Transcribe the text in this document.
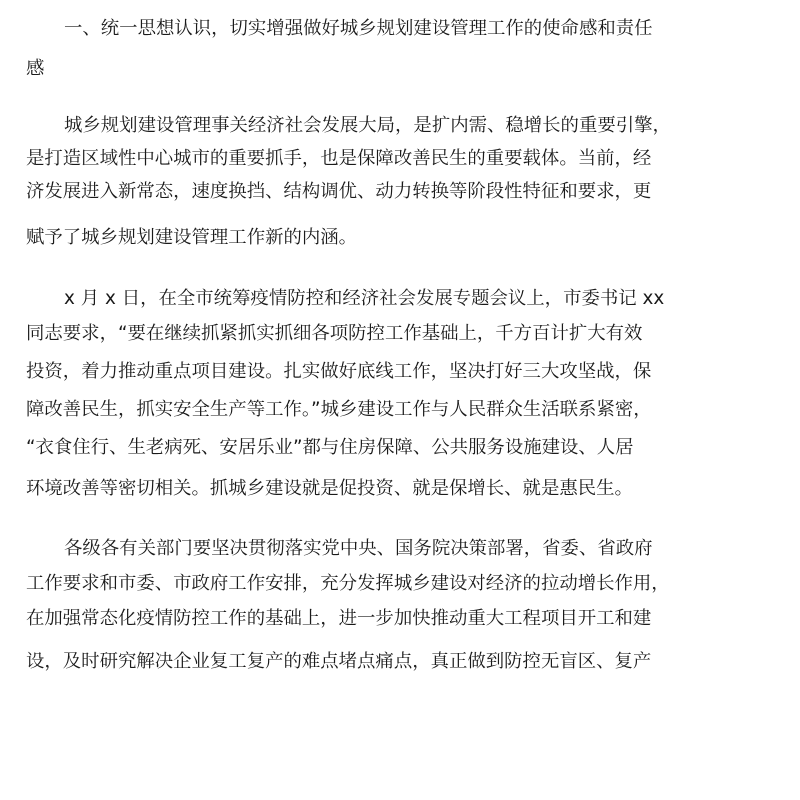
一、统一思想认识，切实增强做好城乡规划建设管理工作的使命感和责任

感

城乡规划建设管理事关经济社会发展大局，是扩内需、稳增长的重要引擎，

是打造区域性中心城市的重要抓手，也是保障改善民生的重要载体。当前，经

济发展进入新常态，速度换挡、结构调优、动力转换等阶段性特征和要求，更

赋予了城乡规划建设管理工作新的内涵。

x 月 x 日，在全市统筹疫情防控和经济社会发展专题会议上，市委书记 xx

同志要求，“要在继续抓紧抓实抓细各项防控工作基础上，千方百计扩大有效

投资，着力推动重点项目建设。扎实做好底线工作，坚决打好三大攻坚战，保

障改善民生，抓实安全生产等工作。”城乡建设工作与人民群众生活联系紧密，

“衣食住行、生老病死、安居乐业”都与住房保障、公共服务设施建设、人居

环境改善等密切相关。抓城乡建设就是促投资、就是保增长、就是惠民生。

各级各有关部门要坚决贯彻落实党中央、国务院决策部署，省委、省政府

工作要求和市委、市政府工作安排，充分发挥城乡建设对经济的拉动增长作用，

在加强常态化疫情防控工作的基础上，进一步加快推动重大工程项目开工和建

设，及时研究解决企业复工复产的难点堵点痛点，真正做到防控无盲区、复产
